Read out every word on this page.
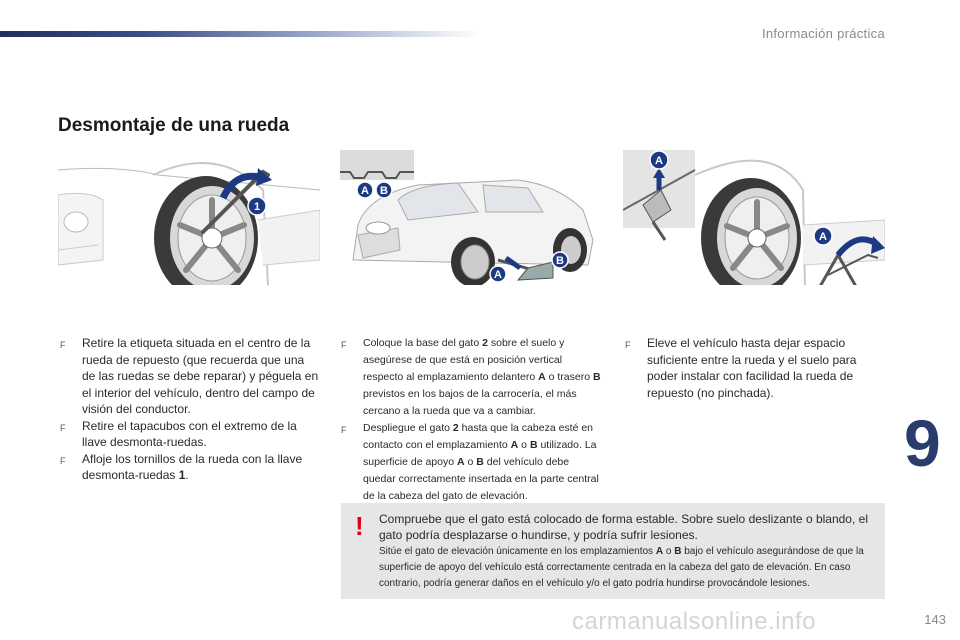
Información práctica
Desmontaje de una rueda
1
A B
A
B
A
A
F Retire la etiqueta situada en el centro de la rueda de repuesto (que recuerda que una de las ruedas se debe reparar) y péguela en el interior del vehículo, dentro del campo de visión del conductor.
F Retire el tapacubos con el extremo de la llave desmonta-ruedas.
F Afloje los tornillos de la rueda con la llave desmonta-ruedas 1.
F Coloque la base del gato 2 sobre el suelo y asegúrese de que está en posición vertical respecto al emplazamiento delantero A o trasero B previstos en los bajos de la carrocería, el más cercano a la rueda que va a cambiar.
F Despliegue el gato 2 hasta que la cabeza esté en contacto con el emplazamiento A o B utilizado. La superficie de apoyo A o B del vehículo debe quedar correctamente insertada en la parte central de la cabeza del gato de elevación.
F Eleve el vehículo hasta dejar espacio suficiente entre la rueda y el suelo para poder instalar con facilidad la rueda de repuesto (no pinchada).
! Compruebe que el gato está colocado de forma estable. Sobre suelo deslizante o blando, el gato podría desplazarse o hundirse, y podría sufrir lesiones.

Sitúe el gato de elevación únicamente en los emplazamientos A o B bajo el vehículo asegurándose de que la superficie de apoyo del vehículo está correctamente centrada en la cabeza del gato de elevación. En caso contrario, podría generar daños en el vehículo y/o el gato podría hundirse provocándole lesiones.

9
carmanualsonline.info	143
